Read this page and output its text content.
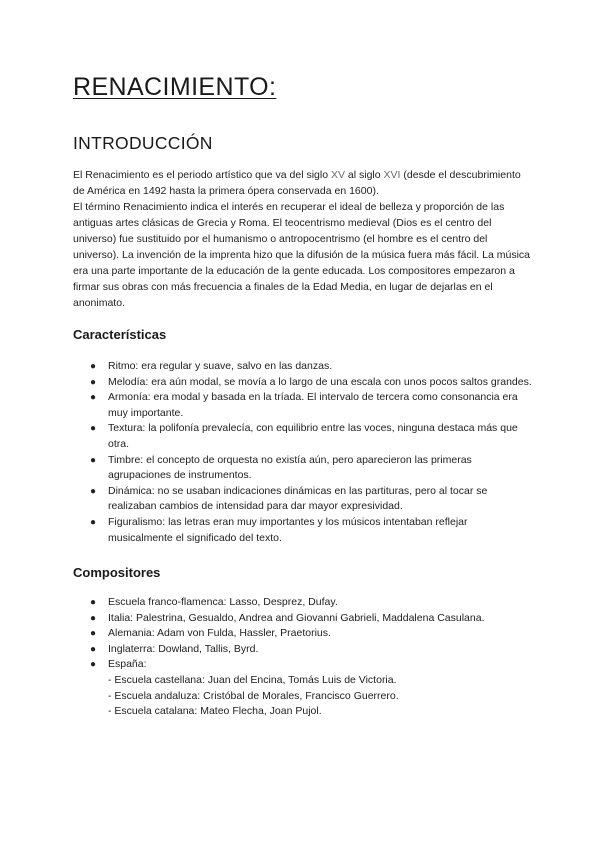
RENACIMIENTO:
INTRODUCCIÓN

El Renacimiento es el periodo artístico que va del siglo XV al siglo XVI (desde el descubrimiento de América en 1492 hasta la primera ópera conservada en 1600).
El término Renacimiento indica el interés en recuperar el ideal de belleza y proporción de las antiguas artes clásicas de Grecia y Roma. El teocentrismo medieval (Dios es el centro del universo) fue sustituido por el humanismo o antropocentrismo (el hombre es el centro del universo). La invención de la imprenta hizo que la difusión de la música fuera más fácil. La música era una parte importante de la educación de la gente educada. Los compositores empezaron a firmar sus obras con más frecuencia a finales de la Edad Media, en lugar de dejarlas en el anonimato.

Características
● Ritmo: era regular y suave, salvo en las danzas.
● Melodía: era aún modal, se movía a lo largo de una escala con unos pocos saltos grandes.
● Armonía: era modal y basada en la tríada. El intervalo de tercera como consonancia era muy importante.
● Textura: la polifonía prevalecía, con equilibrio entre las voces, ninguna destaca más que otra.
● Timbre: el concepto de orquesta no existía aún, pero aparecieron las primeras agrupaciones de instrumentos.
● Dinámica: no se usaban indicaciones dinámicas en las partituras, pero al tocar se realizaban cambios de intensidad para dar mayor expresividad.
● Figuralismo: las letras eran muy importantes y los músicos intentaban reflejar musicalmente el significado del texto.
Compositores
● Escuela franco-flamenca: Lasso, Desprez, Dufay.
● Italia: Palestrina, Gesualdo, Andrea and Giovanni Gabrieli, Maddalena Casulana.
● Alemania: Adam von Fulda, Hassler, Praetorius.
● Inglaterra: Dowland, Tallis, Byrd.
● España:
- Escuela castellana: Juan del Encina, Tomás Luis de Victoria.
- Escuela andaluza: Cristóbal de Morales, Francisco Guerrero.
- Escuela catalana: Mateo Flecha, Joan Pujol.
